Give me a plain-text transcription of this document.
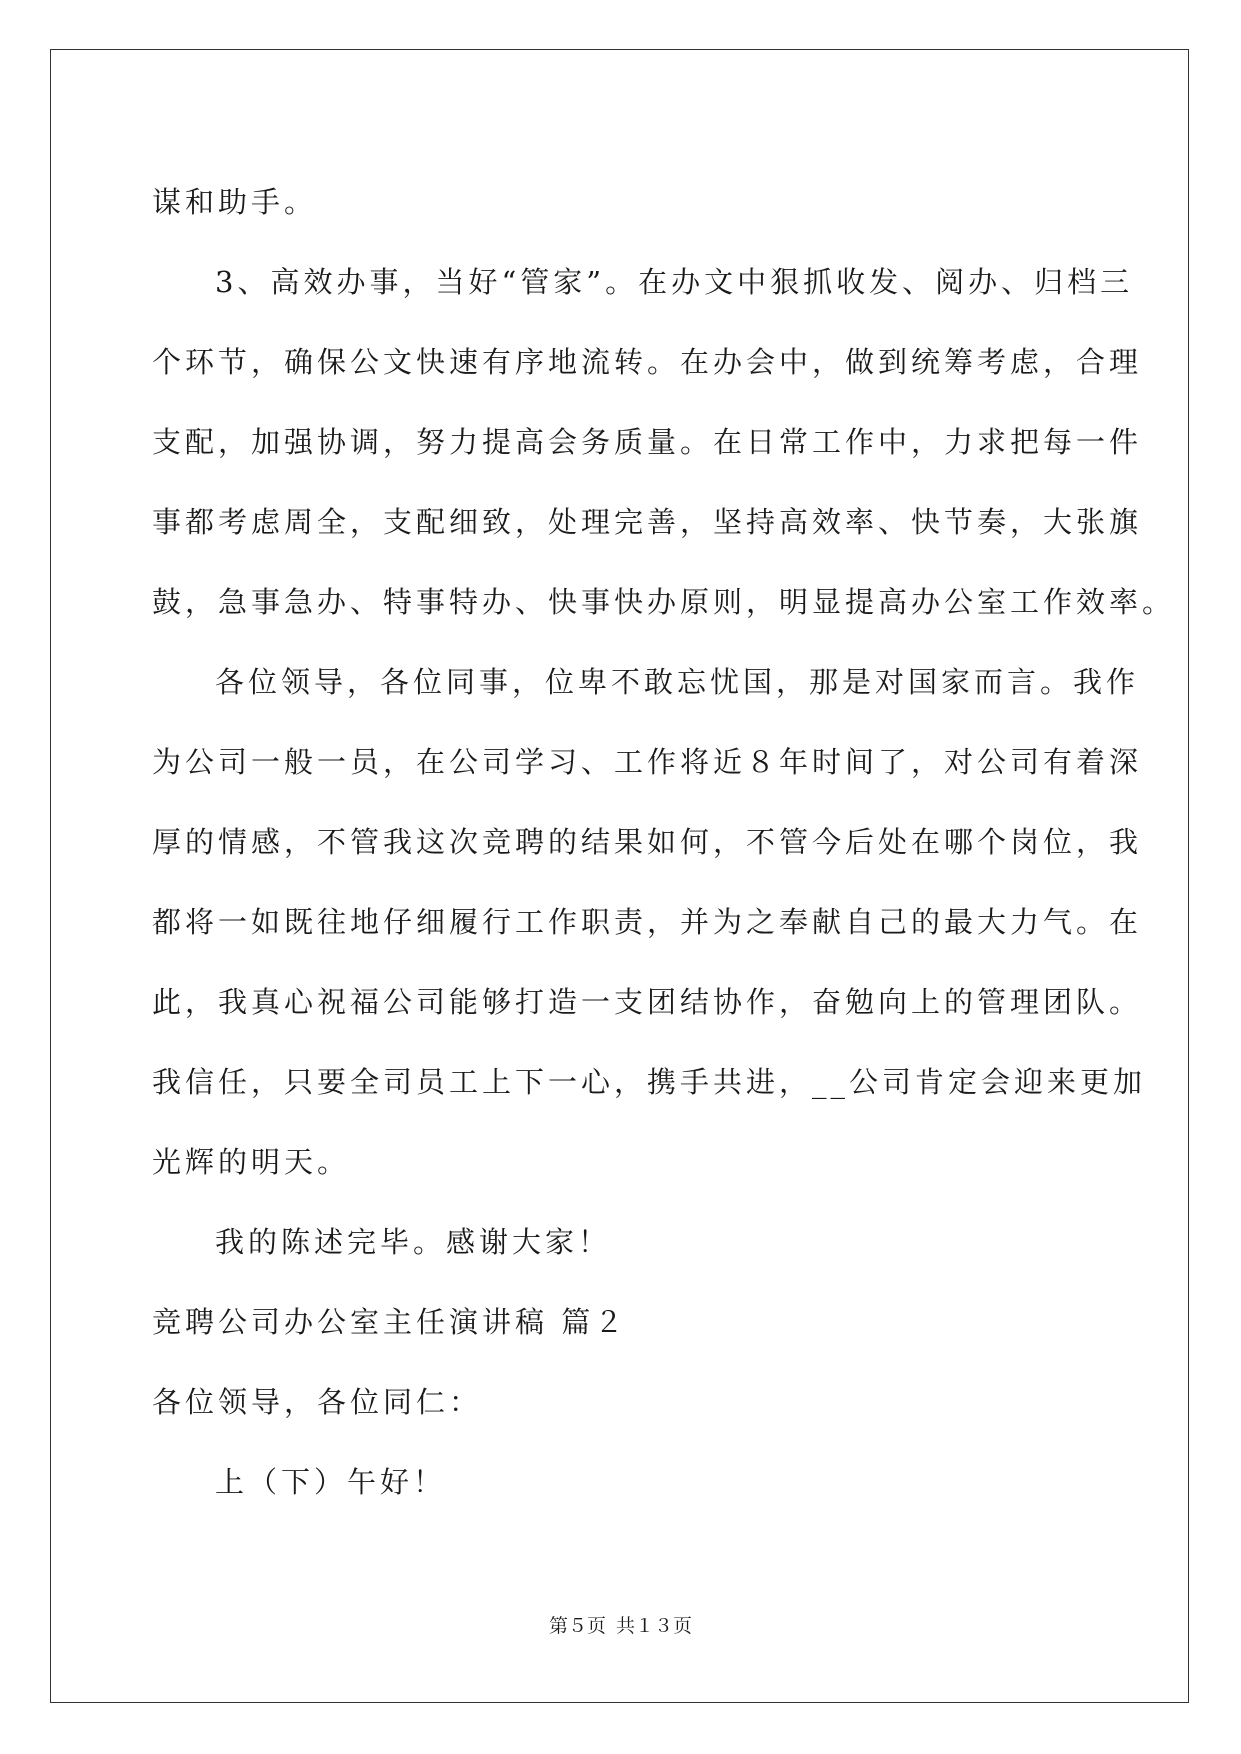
谋和助手。
3、高效办事，当好“管家”。在办文中狠抓收发、阅办、归档三
个环节，确保公文快速有序地流转。在办会中，做到统筹考虑，合理
支配，加强协调，努力提高会务质量。在日常工作中，力求把每一件
事都考虑周全，支配细致，处理完善，坚持高效率、快节奏，大张旗
鼓，急事急办、特事特办、快事快办原则，明显提高办公室工作效率。
各位领导，各位同事，位卑不敢忘忧国，那是对国家而言。我作
为公司一般一员，在公司学习、工作将近８年时间了，对公司有着深
厚的情感，不管我这次竞聘的结果如何，不管今后处在哪个岗位，我
都将一如既往地仔细履行工作职责，并为之奉献自己的最大力气。在
此，我真心祝福公司能够打造一支团结协作，奋勉向上的管理团队。
我信任，只要全司员工上下一心，携手共进，__公司肯定会迎来更加
光辉的明天。
我的陈述完毕。感谢大家！
竞聘公司办公室主任演讲稿 篇２
各位领导，各位同仁：
上（下）午好！
第５页 共１３页
